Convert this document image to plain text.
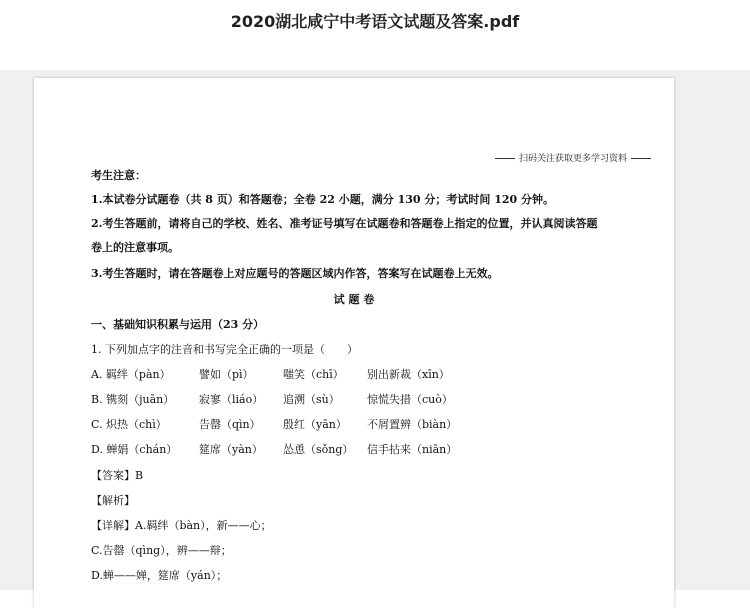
2020湖北咸宁中考语文试题及答案.pdf
扫码关注获取更多学习资料
考生注意：
1.本试卷分试题卷（共 8 页）和答题卷；全卷 22 小题，满分 130 分；考试时间 120 分钟。
2.考生答题前，请将自己的学校、姓名、准考证号填写在试题卷和答题卷上指定的位置，并认真阅读答题
卷上的注意事项。
3.考生答题时，请在答题卷上对应题号的答题区域内作答，答案写在试题卷上无效。
试 题 卷
一、基础知识积累与运用（23 分）
1. 下列加点字的注音和书写完全正确的一项是（　　）
A. 羁绊（pàn）	譬如（pì）	嗤笑（chī） 别出新裁（xīn）
B. 镌刻（juān） 寂寥（liáo） 追溯（sù） 惊慌失措（cuò）
C. 炽热（chì）	告罄（qìn） 殷红（yān） 不屑置辨（biàn）
D. 蝉娟（chán） 筵席（yàn） 怂恿（sǒng） 信手拈来（niān）
【答案】B
【解析】
【详解】A.羁绊（bàn），新——心；
C.告罄（qìng），辨——辩；
D.蝉——婵，筵席（yán）；
